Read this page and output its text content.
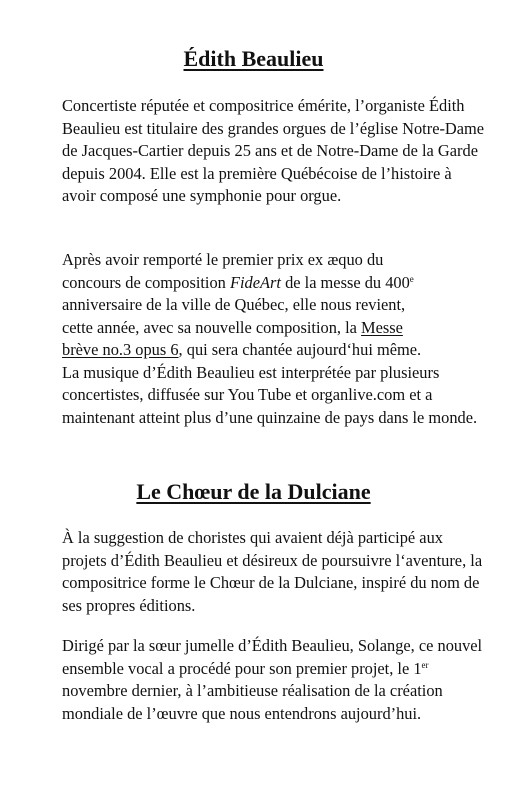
Édith Beaulieu

Concertiste réputée et compositrice émérite, l’organiste Édith Beaulieu est titulaire des grandes orgues de l’église Notre-Dame de Jacques-Cartier depuis 25 ans et de Notre-Dame de la Garde depuis 2004. Elle est la première Québécoise de l’histoire à avoir composé une symphonie pour orgue.

Après avoir remporté le premier prix ex æquo du
concours de composition FideArt de la messe du 400e
anniversaire de la ville de Québec, elle nous revient,
cette année, avec sa nouvelle composition, la Messe
brève no.3 opus 6, qui sera chantée aujourd‘hui même.
La musique d’Édith Beaulieu est interprétée par plusieurs concertistes, diffusée sur You Tube et organlive.com et a maintenant atteint plus d’une quinzaine de pays dans le monde.

Le Chœur de la Dulciane

À la suggestion de choristes qui avaient déjà participé aux projets d’Édith Beaulieu et désireux de poursuivre l‘aventure, la compositrice forme le Chœur de la Dulciane, inspiré du nom de ses propres éditions.

Dirigé par la sœur jumelle d’Édith Beaulieu, Solange, ce nouvel ensemble vocal a procédé pour son premier projet, le 1er novembre dernier, à l’ambitieuse réalisation de la création mondiale de l’œuvre que nous entendrons aujourd’hui.
